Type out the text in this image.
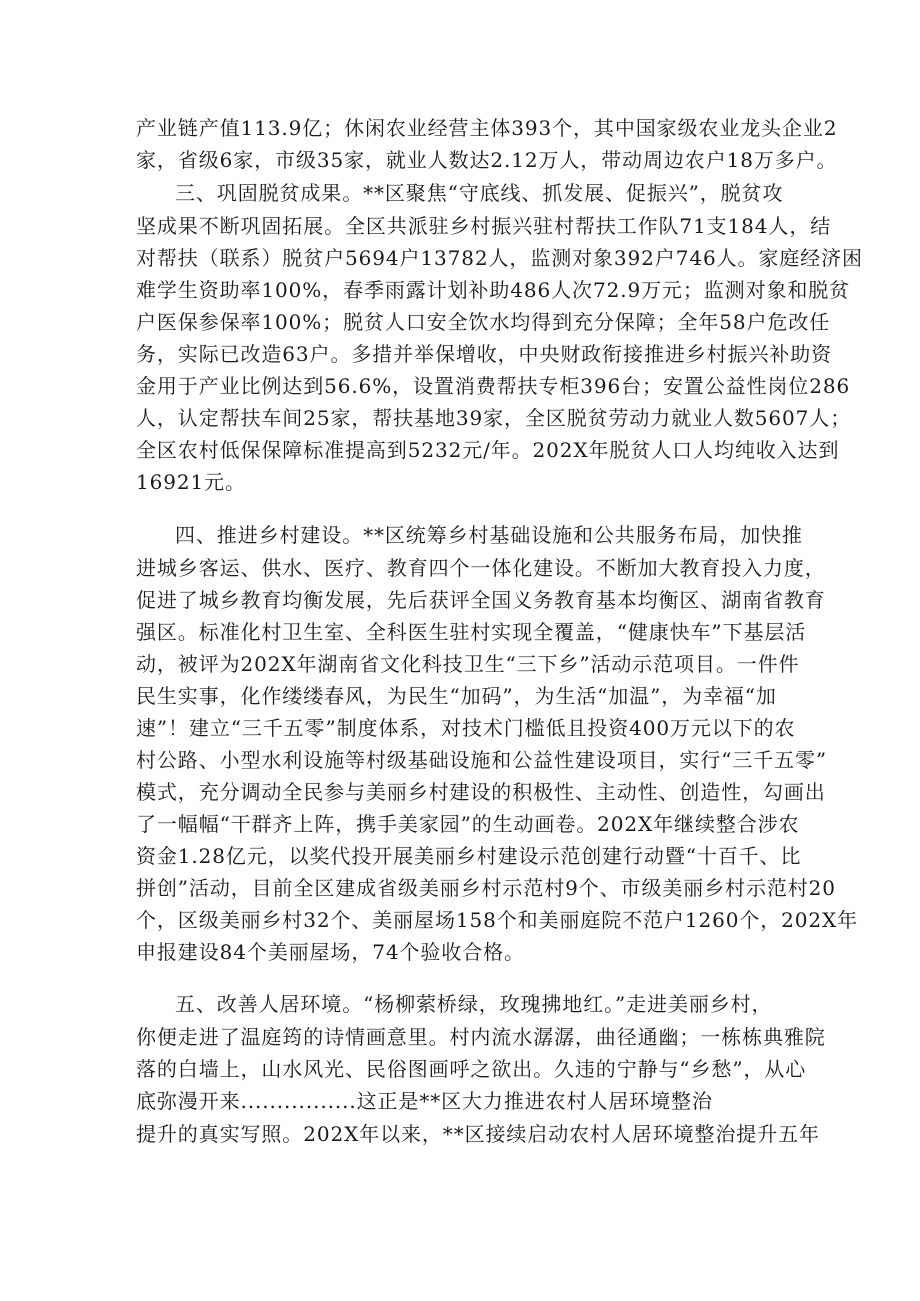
产业链产值113.9亿；休闲农业经营主体393个，其中国家级农业龙头企业2
家，省级6家，市级35家，就业人数达2.12万人，带动周边农户18万多户。
三、巩固脱贫成果。**区聚焦“守底线、抓发展、促振兴”，脱贫攻
坚成果不断巩固拓展。全区共派驻乡村振兴驻村帮扶工作队71支184人，结
对帮扶（联系）脱贫户5694户13782人，监测对象392户746人。家庭经济困
难学生资助率100%，春季雨露计划补助486人次72.9万元；监测对象和脱贫
户医保参保率100%；脱贫人口安全饮水均得到充分保障；全年58户危改任
务，实际已改造63户。多措并举保增收，中央财政衔接推进乡村振兴补助资
金用于产业比例达到56.6%，设置消费帮扶专柜396台；安置公益性岗位286
人，认定帮扶车间25家，帮扶基地39家，全区脱贫劳动力就业人数5607人；
全区农村低保保障标准提高到5232元/年。202X年脱贫人口人均纯收入达到
16921元。
四、推进乡村建设。**区统筹乡村基础设施和公共服务布局，加快推
进城乡客运、供水、医疗、教育四个一体化建设。不断加大教育投入力度，
促进了城乡教育均衡发展，先后获评全国义务教育基本均衡区、湖南省教育
强区。标准化村卫生室、全科医生驻村实现全覆盖，“健康快车”下基层活
动，被评为202X年湖南省文化科技卫生“三下乡”活动示范项目。一件件
民生实事，化作缕缕春风，为民生“加码”，为生活“加温”，为幸福“加
速”！建立“三千五零”制度体系，对技术门槛低且投资400万元以下的农
村公路、小型水利设施等村级基础设施和公益性建设项目，实行“三千五零”
模式，充分调动全民参与美丽乡村建设的积极性、主动性、创造性，勾画出
了一幅幅“干群齐上阵，携手美家园”的生动画卷。202X年继续整合涉农
资金1.28亿元，以奖代投开展美丽乡村建设示范创建行动暨“十百千、比
拼创”活动，目前全区建成省级美丽乡村示范村9个、市级美丽乡村示范村20
个，区级美丽乡村32个、美丽屋场158个和美丽庭院不范户1260个，202X年
申报建设84个美丽屋场，74个验收合格。
五、改善人居环境。“杨柳萦桥绿，玫瑰拂地红。”走进美丽乡村，
你便走进了温庭筠的诗情画意里。村内流水潺潺，曲径通幽；一栋栋典雅院
落的白墙上，山水风光、民俗图画呼之欲出。久违的宁静与“乡愁”，从心
底弥漫开来................这正是**区大力推进农村人居环境整治
提升的真实写照。202X年以来，**区接续启动农村人居环境整治提升五年
